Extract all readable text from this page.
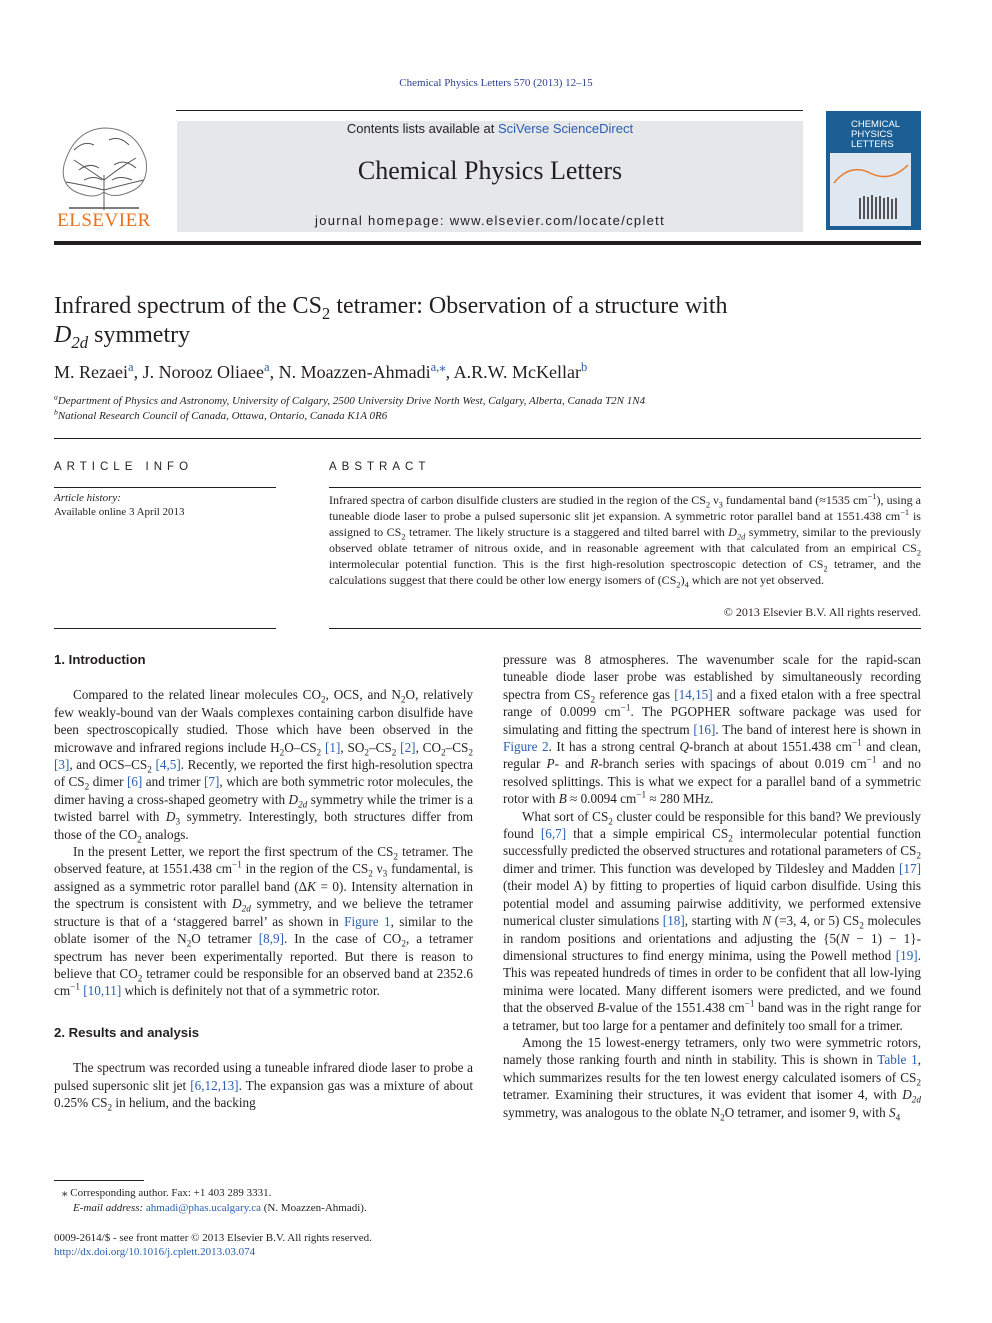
Chemical Physics Letters 570 (2013) 12–15
ELSEVIER
Contents lists available at SciVerse ScienceDirect
Chemical Physics Letters
journal homepage: www.elsevier.com/locate/cplett
CHEMICAL
PHYSICS
LETTERS
Infrared spectrum of the $CS_2$ tetramer: Observation of a structure with
$D_{2d}$ symmetry
M. Rezaei$^a$, J. Norooz Oliaee$^a$, N. Moazzen-Ahmadi$^{a,⁎}$, A.R.W. McKellar$^b$
$^a$Department of Physics and Astronomy, University of Calgary, 2500 University Drive North West, Calgary, Alberta, Canada T2N 1N4
$^b$National Research Council of Canada, Ottawa, Ontario, Canada K1A 0R6
ARTICLE INFO
Article history:
Available online 3 April 2013
ABSTRACT
Infrared spectra of carbon disulfide clusters are studied in the region of the $CS_2$ $\nu_3$ fundamental band (≈1535 $cm^{-1}$), using a tuneable diode laser to probe a pulsed supersonic slit jet expansion. A symmetric rotor parallel band at 1551.438 $cm^{-1}$ is assigned to $CS_2$ tetramer. The likely structure is a staggered and tilted barrel with $D_{2d}$ symmetry, similar to the previously observed oblate tetramer of nitrous oxide, and in reasonable agreement with that calculated from an empirical $CS_2$ intermolecular potential function. This is the first high-resolution spectroscopic detection of $CS_2$ tetramer, and the calculations suggest that there could be other low energy isomers of $(CS_2)_4$ which are not yet observed.
© 2013 Elsevier B.V. All rights reserved.
1. Introduction

Compared to the related linear molecules $CO_2$, OCS, and $N_2O$, relatively few weakly-bound van der Waals complexes containing carbon disulfide have been spectroscopically studied. Those which have been observed in the microwave and infrared regions include $H_2O-CS_2$ [1], $SO_2-CS_2$ [2], $CO_2-CS_2$ [3], and OCS–$CS_2$ [4,5]. Recently, we reported the first high-resolution spectra of $CS_2$ dimer [6] and trimer [7], which are both symmetric rotor molecules, the dimer having a cross-shaped geometry with $D_{2d}$ symmetry while the trimer is a twisted barrel with $D_3$ symmetry. Interestingly, both structures differ from those of the $CO_2$ analogs.

In the present Letter, we report the first spectrum of the $CS_2$ tetramer. The observed feature, at 1551.438 $cm^{-1}$ in the region of the $CS_2$ $\nu_3$ fundamental, is assigned as a symmetric rotor parallel band (ΔK = 0). Intensity alternation in the spectrum is consistent with $D_{2d}$ symmetry, and we believe the tetramer structure is that of a ‘staggered barrel’ as shown in Figure 1, similar to the oblate isomer of the $N_2O$ tetramer [8,9]. In the case of $CO_2$, a tetramer spectrum has never been experimentally reported. But there is reason to believe that $CO_2$ tetramer could be responsible for an observed band at 2352.6 $cm^{-1}$ [10,11] which is definitely not that of a symmetric rotor.

2. Results and analysis

The spectrum was recorded using a tuneable infrared diode laser to probe a pulsed supersonic slit jet [6,12,13]. The expansion gas was a mixture of about 0.25% $CS_2$ in helium, and the backing

pressure was 8 atmospheres. The wavenumber scale for the rapid-scan tuneable diode laser probe was established by simultaneously recording spectra from $CS_2$ reference gas [14,15] and a fixed etalon with a free spectral range of 0.0099 $cm^{-1}$. The PGOPHER software package was used for simulating and fitting the spectrum [16]. The band of interest here is shown in Figure 2. It has a strong central Q-branch at about 1551.438 $cm^{-1}$ and clean, regular P- and R-branch series with spacings of about 0.019 $cm^{-1}$ and no resolved splittings. This is what we expect for a parallel band of a symmetric rotor with B ≈ 0.0094 $cm^{-1} \approx 280$ MHz.

What sort of $CS_2$ cluster could be responsible for this band? We previously found [6,7] that a simple empirical $CS_2$ intermolecular potential function successfully predicted the observed structures and rotational parameters of $CS_2$ dimer and trimer. This function was developed by Tildesley and Madden [17] (their model A) by fitting to properties of liquid carbon disulfide. Using this potential model and assuming pairwise additivity, we performed extensive numerical cluster simulations [18], starting with N (=3, 4, or 5) $CS_2$ molecules in random positions and orientations and adjusting the {5(N − 1) − 1}-dimensional structures to find energy minima, using the Powell method [19]. This was repeated hundreds of times in order to be confident that all low-lying minima were located. Many different isomers were predicted, and we found that the observed B-value of the 1551.438 $cm^{-1}$ band was in the right range for a tetramer, but too large for a pentamer and definitely too small for a trimer.

Among the 15 lowest-energy tetramers, only two were symmetric rotors, namely those ranking fourth and ninth in stability. This is shown in Table 1, which summarizes results for the ten lowest energy calculated isomers of $CS_2$ tetramer. Examining their structures, it was evident that isomer 4, with $D_{2d}$ symmetry, was analogous to the oblate $N_2O$ tetramer, and isomer 9, with $S_4$

⁎ Corresponding author. Fax: +1 403 289 3331.
E-mail address: ahmadi@phas.ucalgary.ca (N. Moazzen-Ahmadi).
0009-2614/$ - see front matter © 2013 Elsevier B.V. All rights reserved.
http://dx.doi.org/10.1016/j.cplett.2013.03.074
